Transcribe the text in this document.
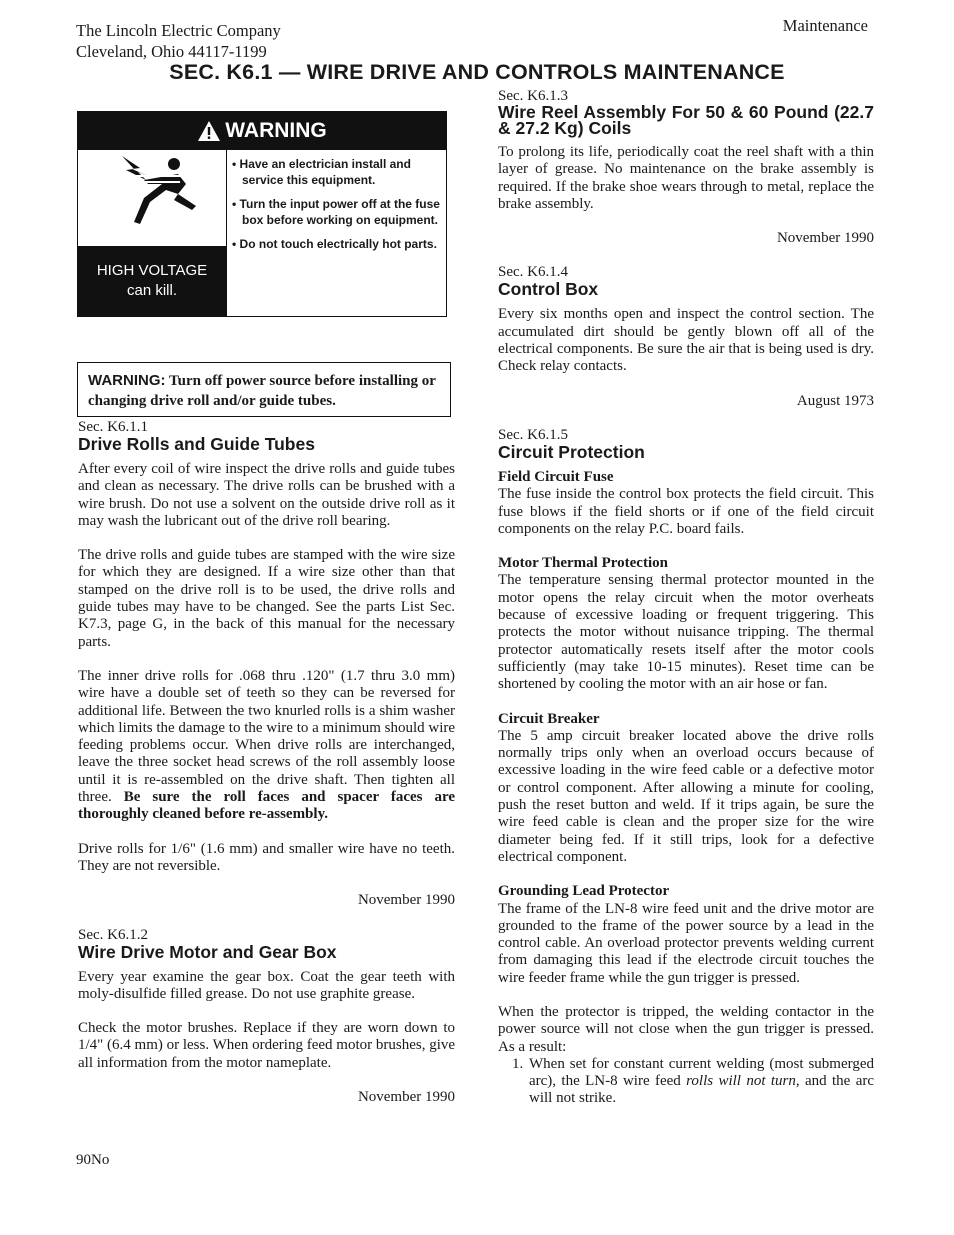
The Lincoln Electric Company
Cleveland, Ohio 44117-1199
Maintenance
SEC. K6.1 — WIRE DRIVE AND CONTROLS MAINTENANCE
WARNING
HIGH VOLTAGE
can kill.
• Have an electrician install and service this equipment.
• Turn the input power off at the fuse box before working on equipment.
• Do not touch electrically hot parts.
WARNING: Turn off power source before installing or changing drive roll and/or guide tubes.
Sec. K6.1.1
Drive Rolls and Guide Tubes

After every coil of wire inspect the drive rolls and guide tubes and clean as necessary. The drive rolls can be brushed with a wire brush. Do not use a solvent on the outside drive roll as it may wash the lubricant out of the drive roll bearing.

The drive rolls and guide tubes are stamped with the wire size for which they are designed. If a wire size other than that stamped on the drive roll is to be used, the drive rolls and guide tubes may have to be changed. See the parts List Sec. K7.3, page G, in the back of this manual for the necessary parts.

The inner drive rolls for .068 thru .120" (1.7 thru 3.0 mm) wire have a double set of teeth so they can be reversed for additional life. Between the two knurled rolls is a shim washer which limits the damage to the wire to a minimum should wire feeding problems occur. When drive rolls are interchanged, leave the three socket head screws of the roll assembly loose until it is re-assembled on the drive shaft. Then tighten all three. Be sure the roll faces and spacer faces are thoroughly cleaned before re-assembly.

Drive rolls for 1/6" (1.6 mm) and smaller wire have no teeth. They are not reversible.

November 1990

Sec. K6.1.2
Wire Drive Motor and Gear Box

Every year examine the gear box. Coat the gear teeth with moly-disulfide filled grease. Do not use graphite grease.

Check the motor brushes. Replace if they are worn down to 1/4" (6.4 mm) or less. When ordering feed motor brushes, give all information from the motor nameplate.

November 1990

Sec. K6.1.3
Wire Reel Assembly For 50 & 60 Pound (22.7 & 27.2 Kg) Coils

To prolong its life, periodically coat the reel shaft with a thin layer of grease. No maintenance on the brake assembly is required. If the brake shoe wears through to metal, replace the brake assembly.

November 1990

Sec. K6.1.4
Control Box

Every six months open and inspect the control section. The accumulated dirt should be gently blown off all of the electrical components. Be sure the air that is being used is dry. Check relay contacts.

August 1973

Sec. K6.1.5
Circuit Protection
Field Circuit Fuse

The fuse inside the control box protects the field circuit. This fuse blows if the field shorts or if one of the field circuit components on the relay P.C. board fails.

Motor Thermal Protection

The temperature sensing thermal protector mounted in the motor opens the relay circuit when the motor overheats because of excessive loading or frequent triggering. This protects the motor without nuisance tripping. The thermal protector automatically resets itself after the motor cools sufficiently (may take 10-15 minutes). Reset time can be shortened by cooling the motor with an air hose or fan.

Circuit Breaker

The 5 amp circuit breaker located above the drive rolls normally trips only when an overload occurs because of excessive loading in the wire feed cable or a defective motor or control component. After allowing a minute for cooling, push the reset button and weld. If it trips again, be sure the wire feed cable is clean and the proper size for the wire diameter being fed. If it still trips, look for a defective electrical component.

Grounding Lead Protector

The frame of the LN-8 wire feed unit and the drive motor are grounded to the frame of the power source by a lead in the control cable. An overload protector prevents welding current from damaging this lead if the electrode circuit touches the wire feeder frame while the gun trigger is pressed.

When the protector is tripped, the welding contactor in the power source will not close when the gun trigger is pressed. As a result:

1. When set for constant current welding (most submerged arc), the LN-8 wire feed rolls will not turn, and the arc will not strike.
90No
